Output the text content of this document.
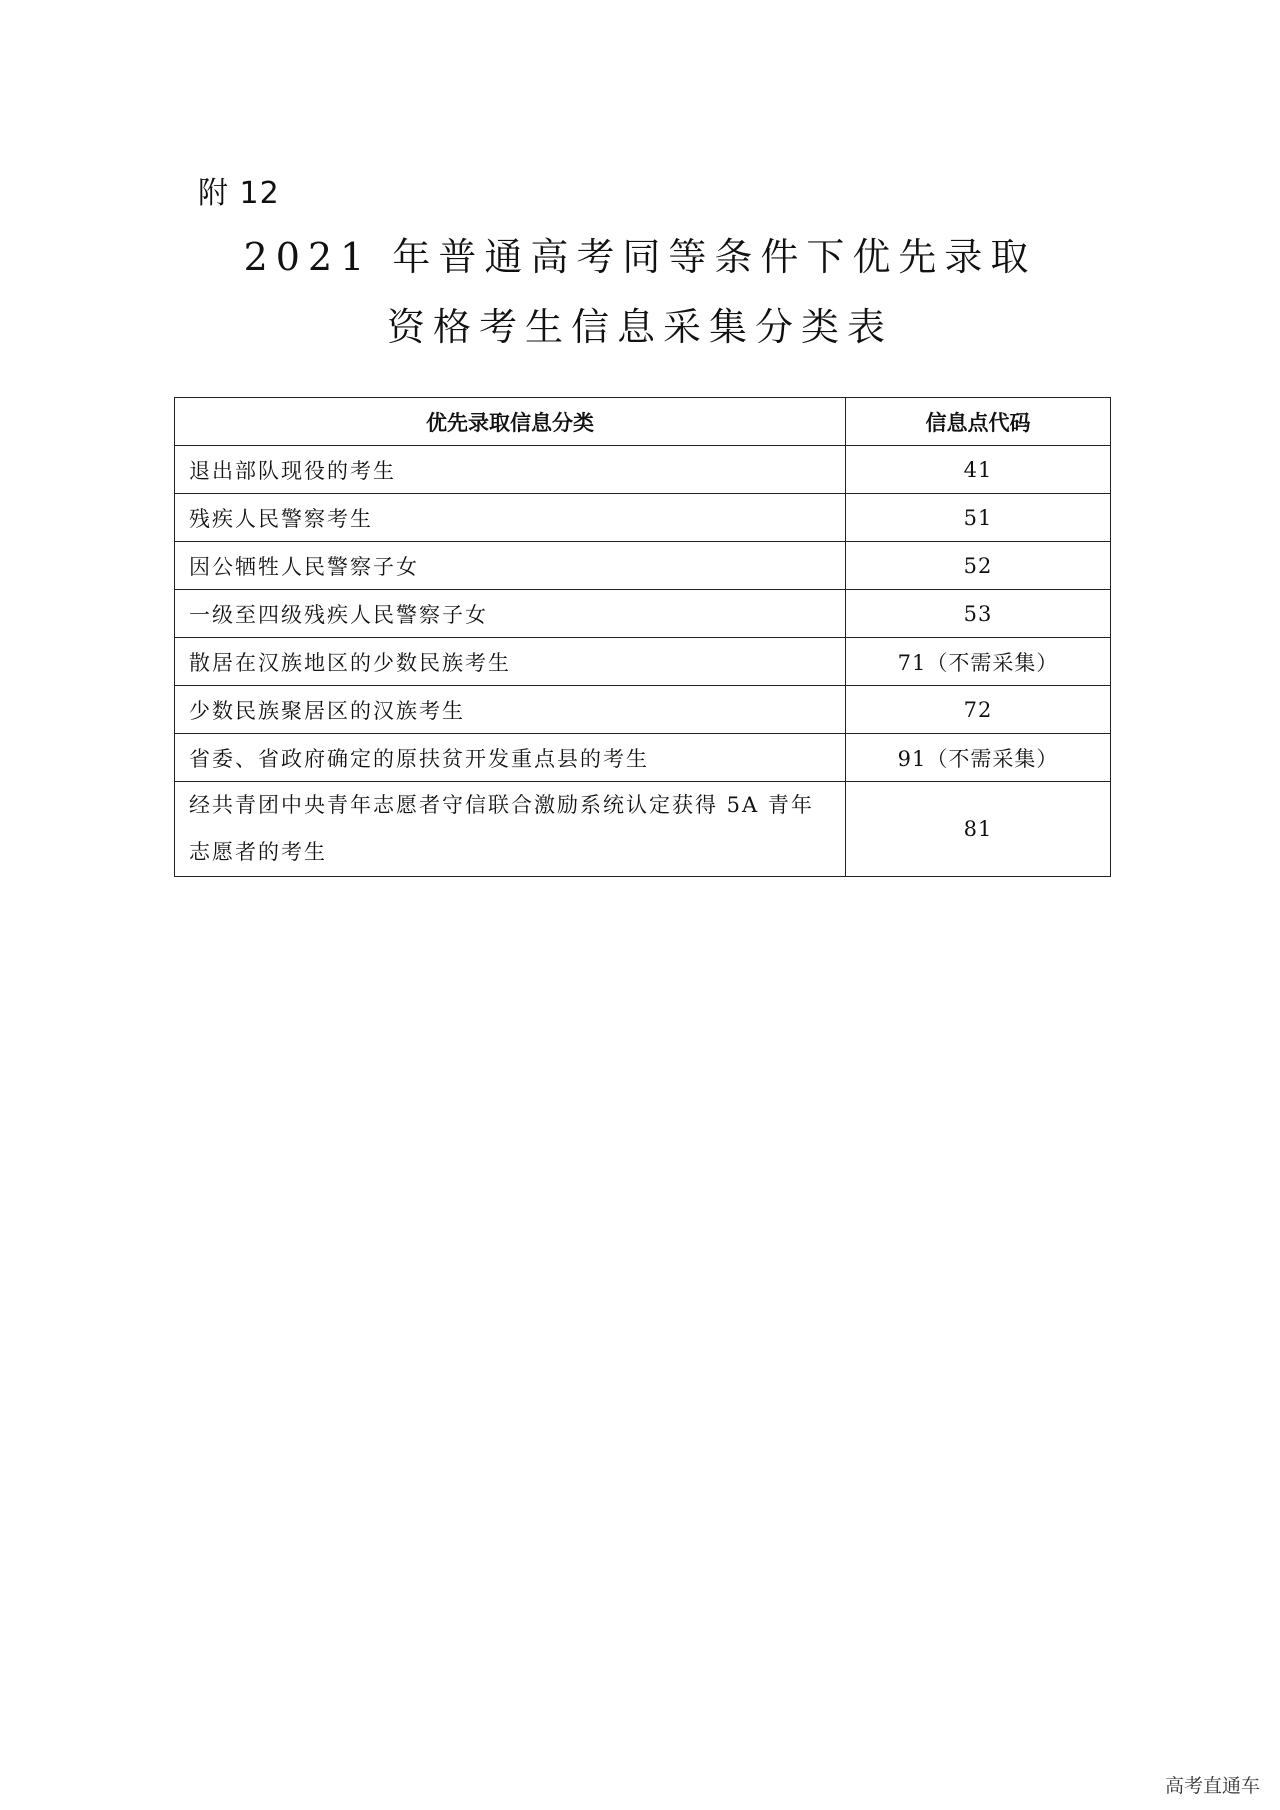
附 12
2021 年普通高考同等条件下优先录取
资格考生信息采集分类表
优先录取信息分类	信息点代码
退出部队现役的考生	41
残疾人民警察考生	51
因公牺牲人民警察子女	52
一级至四级残疾人民警察子女	53
散居在汉族地区的少数民族考生	71（不需采集）
少数民族聚居区的汉族考生	72
省委、省政府确定的原扶贫开发重点县的考生	91（不需采集）
经共青团中央青年志愿者守信联合激励系统认定获得 5A 青年志愿者的考生	81
高考直通车
